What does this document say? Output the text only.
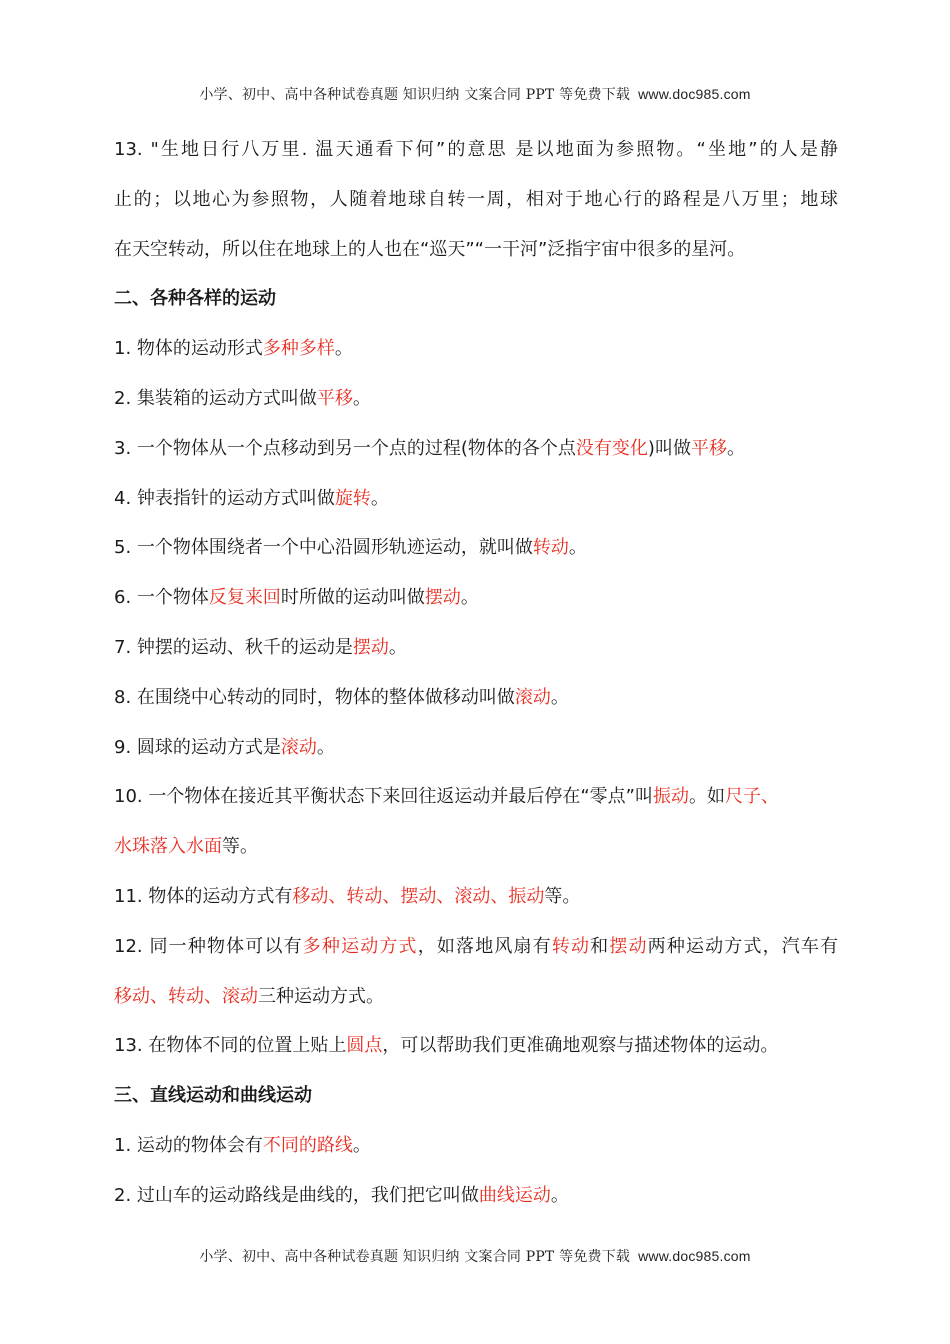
小学、初中、高中各种试卷真题 知识归纳 文案合同 PPT 等免费下载 www.doc985.com
13. "生地日行八万里. 温天通看下何”的意思 是以地面为参照物。“坐地”的人是静
止的；以地心为参照物，人随着地球自转一周，相对于地心行的路程是八万里；地球
在天空转动，所以住在地球上的人也在“巡天”“一干河”泛指宇宙中很多的星河。
二、各种各样的运动
1. 物体的运动形式多种多样。
2. 集装箱的运动方式叫做平移。
3. 一个物体从一个点移动到另一个点的过程(物体的各个点没有变化)叫做平移。
4. 钟表指针的运动方式叫做旋转。
5. 一个物体围绕者一个中心沿圆形轨迹运动，就叫做转动。
6. 一个物体反复来回时所做的运动叫做摆动。
7. 钟摆的运动、秋千的运动是摆动。
8. 在围绕中心转动的同时，物体的整体做移动叫做滚动。
9. 圆球的运动方式是滚动。
10. 一个物体在接近其平衡状态下来回往返运动并最后停在“零点”叫振动。如尺子、
水珠落入水面等。
11. 物体的运动方式有移动、转动、摆动、滚动、振动等。
12. 同一种物体可以有多种运动方式，如落地风扇有转动和摆动两种运动方式，汽车有
移动、转动、滚动三种运动方式。
13. 在物体不同的位置上贴上圆点，可以帮助我们更准确地观察与描述物体的运动。
三、直线运动和曲线运动
1. 运动的物体会有不同的路线。
2. 过山车的运动路线是曲线的，我们把它叫做曲线运动。
小学、初中、高中各种试卷真题 知识归纳 文案合同 PPT 等免费下载 www.doc985.com
